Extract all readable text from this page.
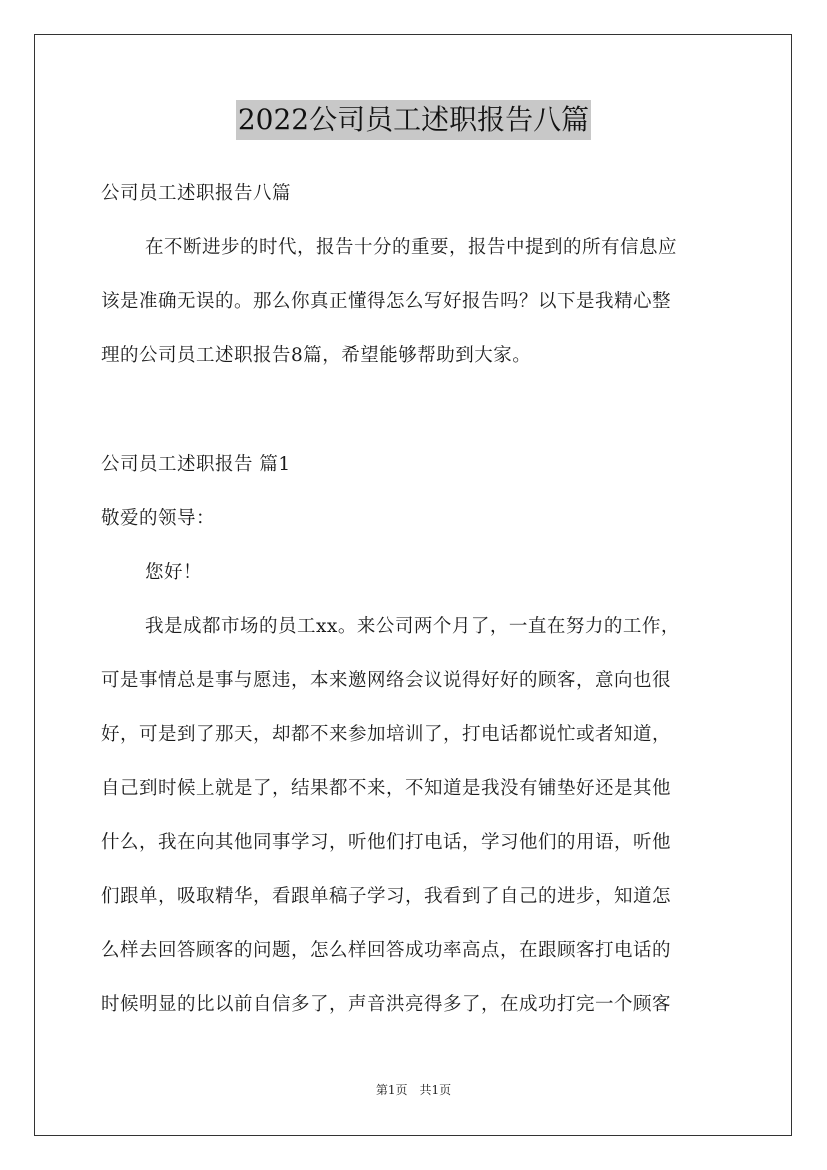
2022公司员工述职报告八篇
公司员工述职报告八篇
在不断进步的时代，报告十分的重要，报告中提到的所有信息应
该是准确无误的。那么你真正懂得怎么写好报告吗？以下是我精心整
理的公司员工述职报告8篇，希望能够帮助到大家。
公司员工述职报告 篇1
敬爱的领导：
您好！
我是成都市场的员工xx。来公司两个月了，一直在努力的工作，
可是事情总是事与愿违，本来邀网络会议说得好好的顾客，意向也很
好，可是到了那天，却都不来参加培训了，打电话都说忙或者知道，
自己到时候上就是了，结果都不来，不知道是我没有铺垫好还是其他
什么，我在向其他同事学习，听他们打电话，学习他们的用语，听他
们跟单，吸取精华，看跟单稿子学习，我看到了自己的进步，知道怎
么样去回答顾客的问题，怎么样回答成功率高点，在跟顾客打电话的
时候明显的比以前自信多了，声音洪亮得多了，在成功打完一个顾客
第1页　共1页
